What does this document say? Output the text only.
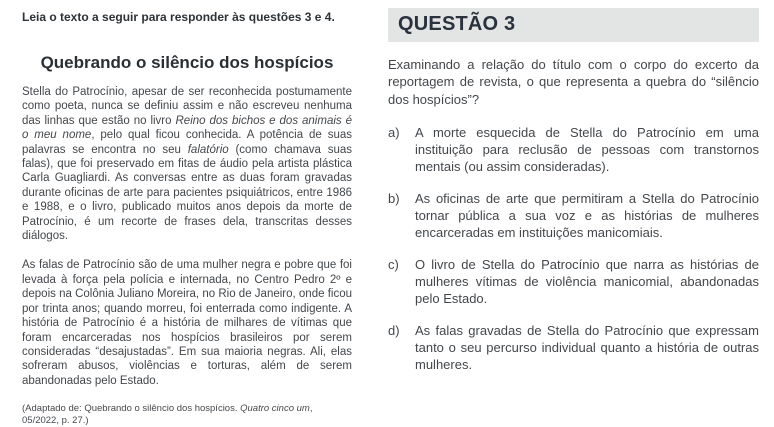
Leia o texto a seguir para responder às questões 3 e 4.

Quebrando o silêncio dos hospícios

Stella do Patrocínio, apesar de ser reconhecida postumamente como poeta, nunca se definiu assim e não escreveu nenhuma das linhas que estão no livro Reino dos bichos e dos animais é o meu nome, pelo qual ficou conhecida. A potência de suas palavras se encontra no seu falatório (como chamava suas falas), que foi preservado em fitas de áudio pela artista plástica Carla Guagliardi. As conversas entre as duas foram gravadas durante oficinas de arte para pacientes psiquiátricos, entre 1986 e 1988, e o livro, publicado muitos anos depois da morte de Patrocínio, é um recorte de frases dela, transcritas desses diálogos.

As falas de Patrocínio são de uma mulher negra e pobre que foi levada à força pela polícia e internada, no Centro Pedro 2º e depois na Colônia Juliano Moreira, no Rio de Janeiro, onde ficou por trinta anos; quando morreu, foi enterrada como indigente. A história de Patrocínio é a história de milhares de vítimas que foram encarceradas nos hospícios brasileiros por serem consideradas “desajustadas”. Em sua maioria negras. Ali, elas sofreram abusos, violências e torturas, além de serem abandonadas pelo Estado.

(Adaptado de: Quebrando o silêncio dos hospícios. Quatro cinco um, 05/2022, p. 27.)

QUESTÃO 3

Examinando a relação do título com o corpo do excerto da reportagem de revista, o que representa a quebra do “silêncio dos hospícios”?

a)	A morte esquecida de Stella do Patrocínio em uma instituição para reclusão de pessoas com transtornos mentais (ou assim consideradas).
b)	As oficinas de arte que permitiram a Stella do Patrocínio tornar pública a sua voz e as histórias de mulheres encarceradas em instituições manicomiais.
c)	O livro de Stella do Patrocínio que narra as histórias de mulheres vítimas de violência manicomial, abandonadas pelo Estado.
d)	As falas gravadas de Stella do Patrocínio que expressam tanto o seu percurso individual quanto a história de outras mulheres.
